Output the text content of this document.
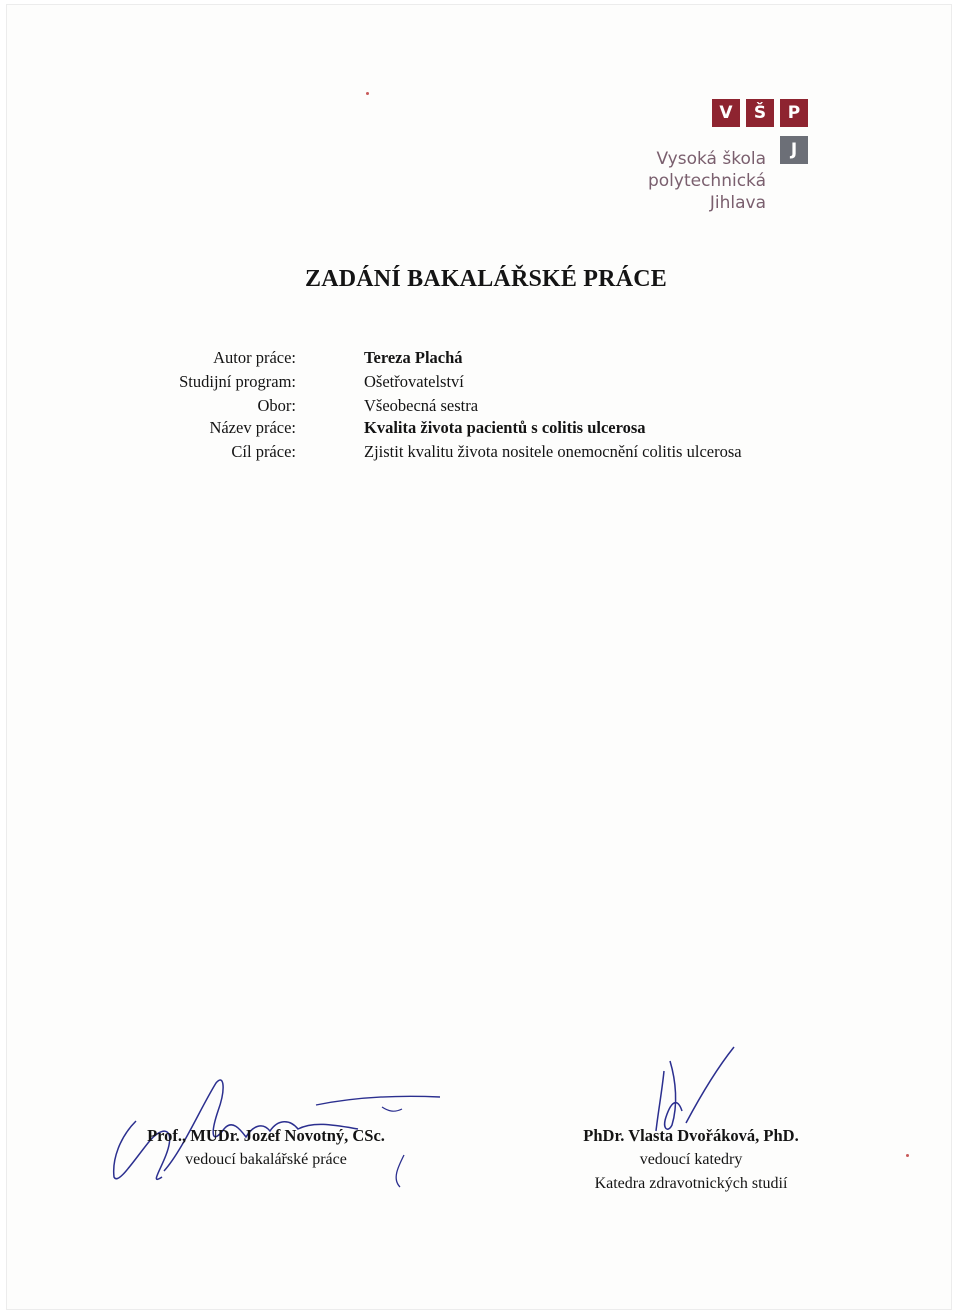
V	Š	P
J
Vysoká škola
polytechnická
Jihlava
ZADÁNÍ BAKALÁŘSKÉ PRÁCE
Autor práce:	Tereza Plachá
Studijní program:	Ošetřovatelství
Obor:	Všeobecná sestra
Název práce:	Kvalita života pacientů s colitis ulcerosa
Cíl práce:	Zjistit kvalitu života nositele onemocnění colitis ulcerosa
Prof., MUDr. Jozef Novotný, CSc.
vedoucí bakalářské práce
PhDr. Vlasta Dvořáková, PhD.
vedoucí katedry
Katedra zdravotnických studií
